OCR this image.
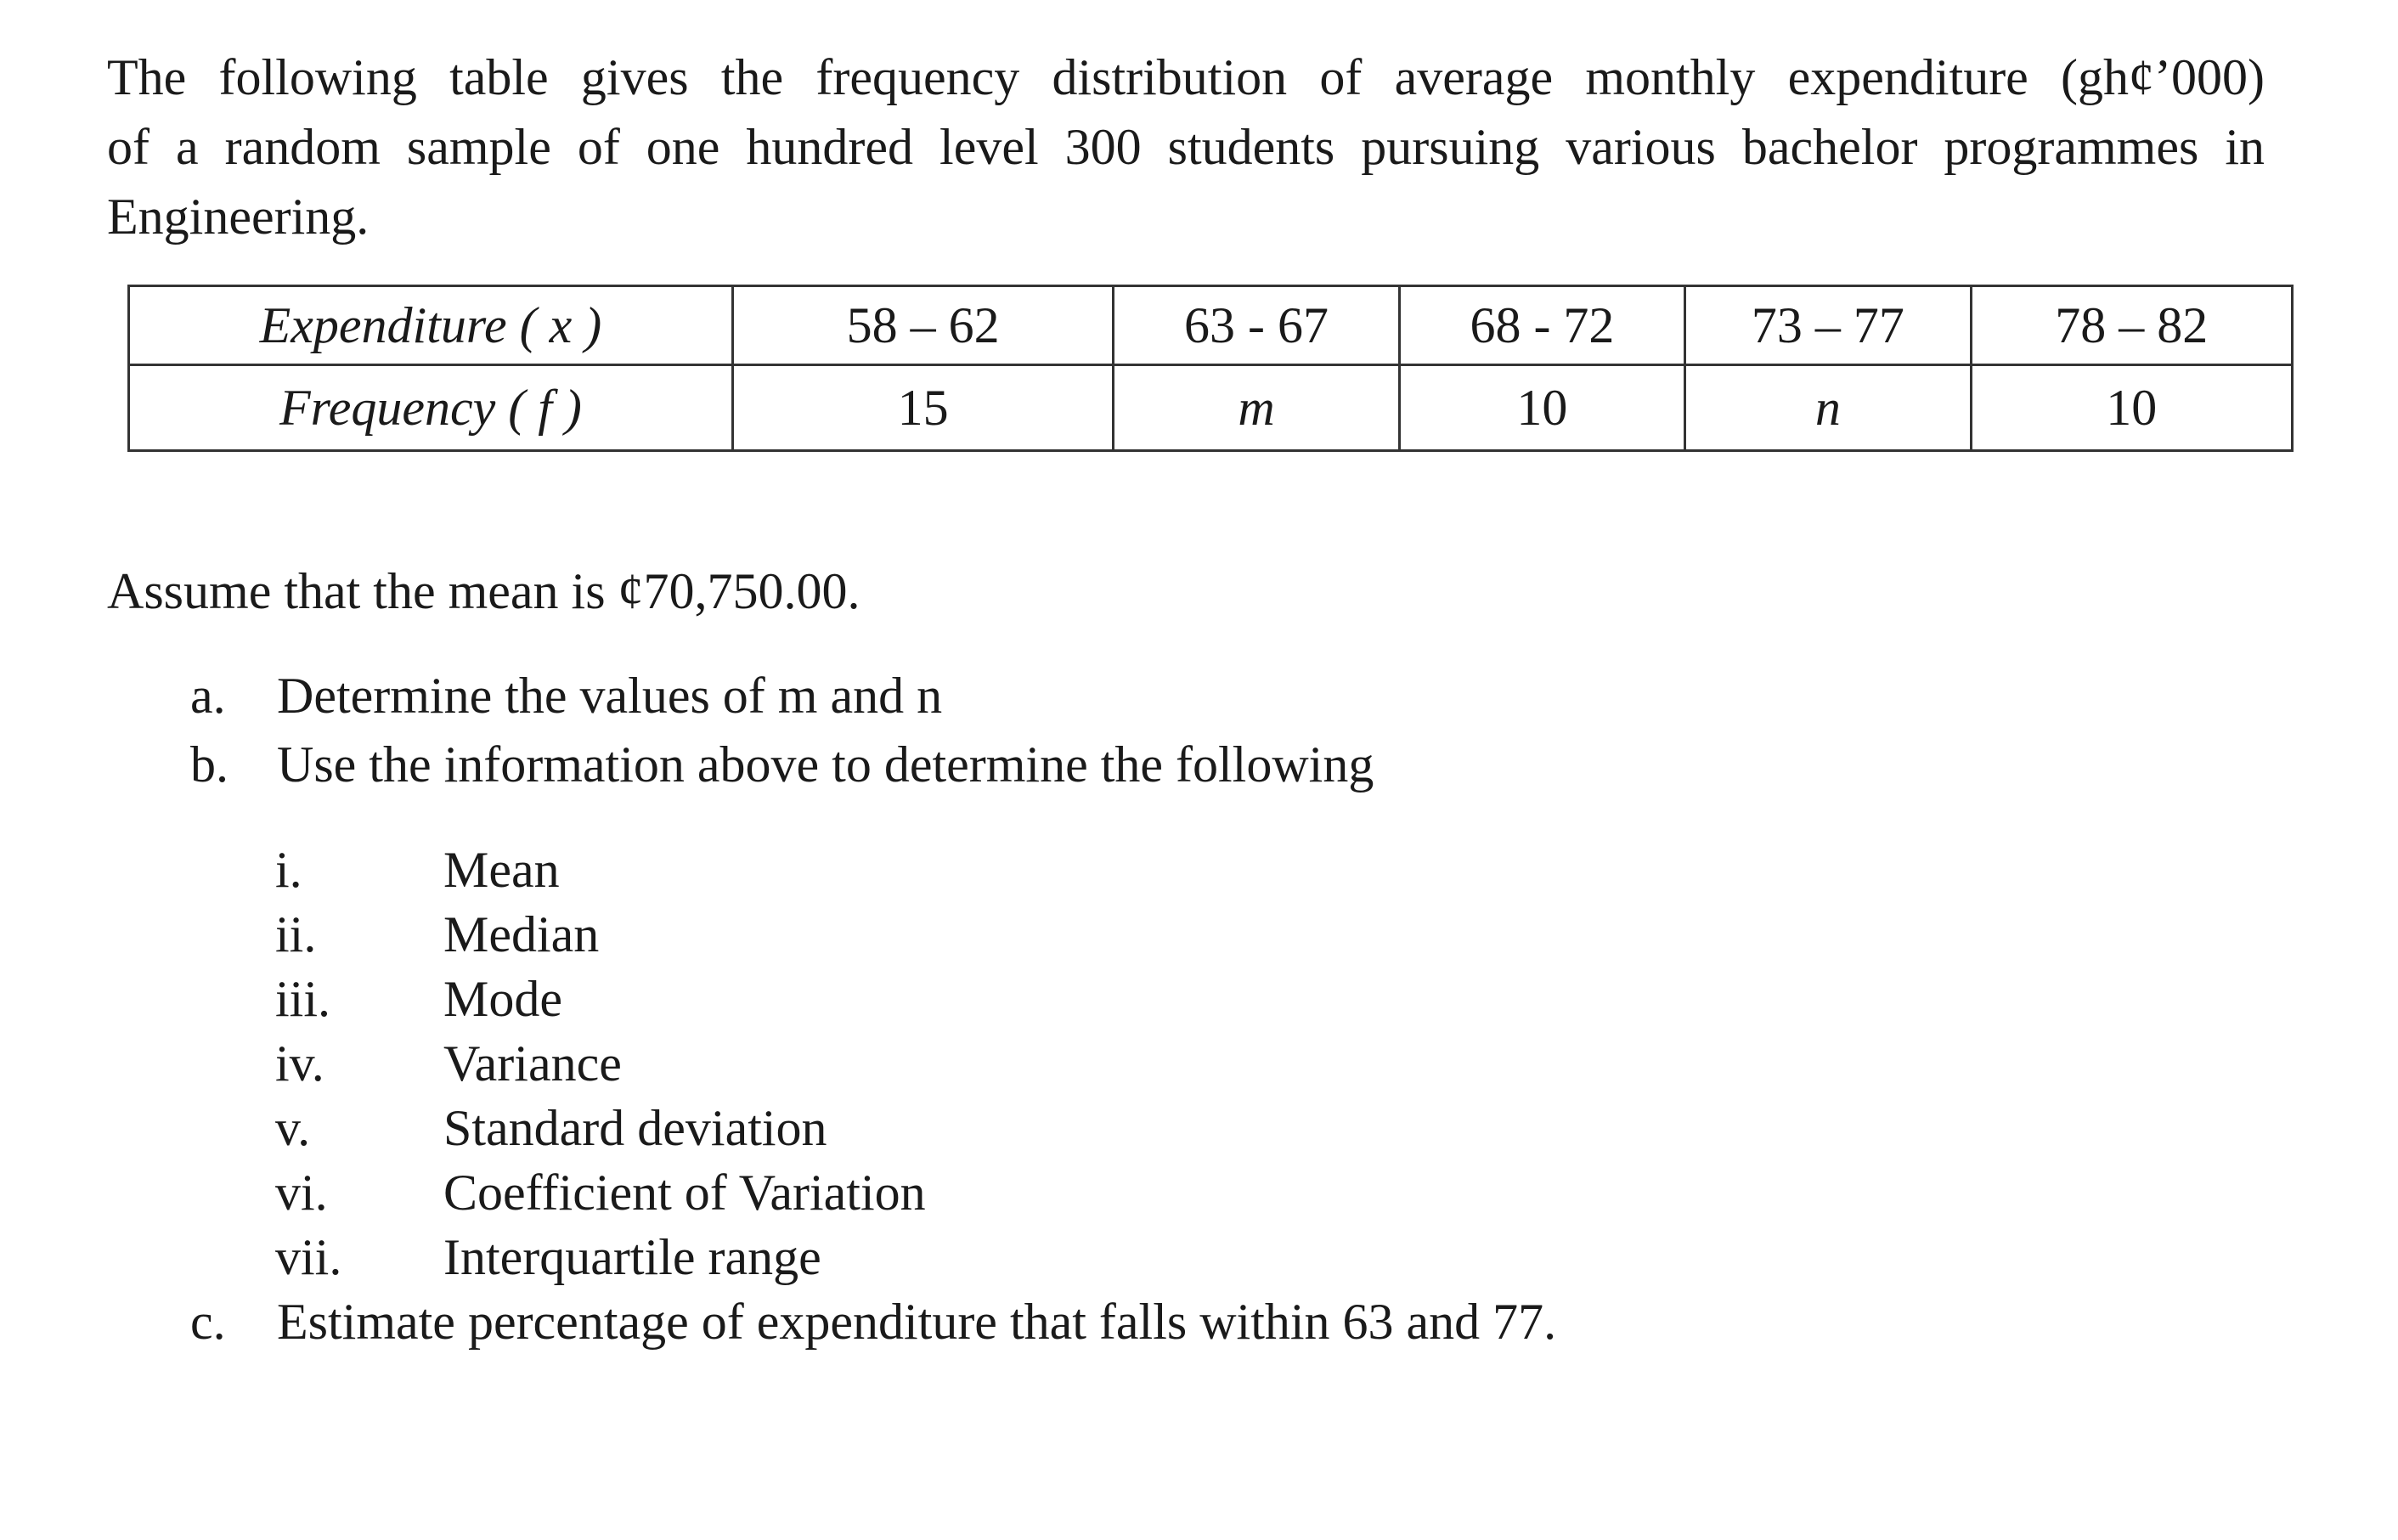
The following table gives the frequency distribution of average monthly expenditure (gh¢’000)
of a random sample of one hundred level 300 students pursuing various bachelor programmes in
Engineering.
Expenditure ( x )	58 – 62	63 - 67	68 - 72	73 – 77	78 – 82
Frequency ( f )	15	m	10	n	10

Assume that the mean is ¢70,750.00.

a. Determine the values of m and n
b. Use the information above to determine the following
i.	Mean
ii. Median
iii. Mode
iv. Variance
v.	Standard deviation
vi. Coefficient of Variation
vii. Interquartile range
c. Estimate percentage of expenditure that falls within 63 and 77.
